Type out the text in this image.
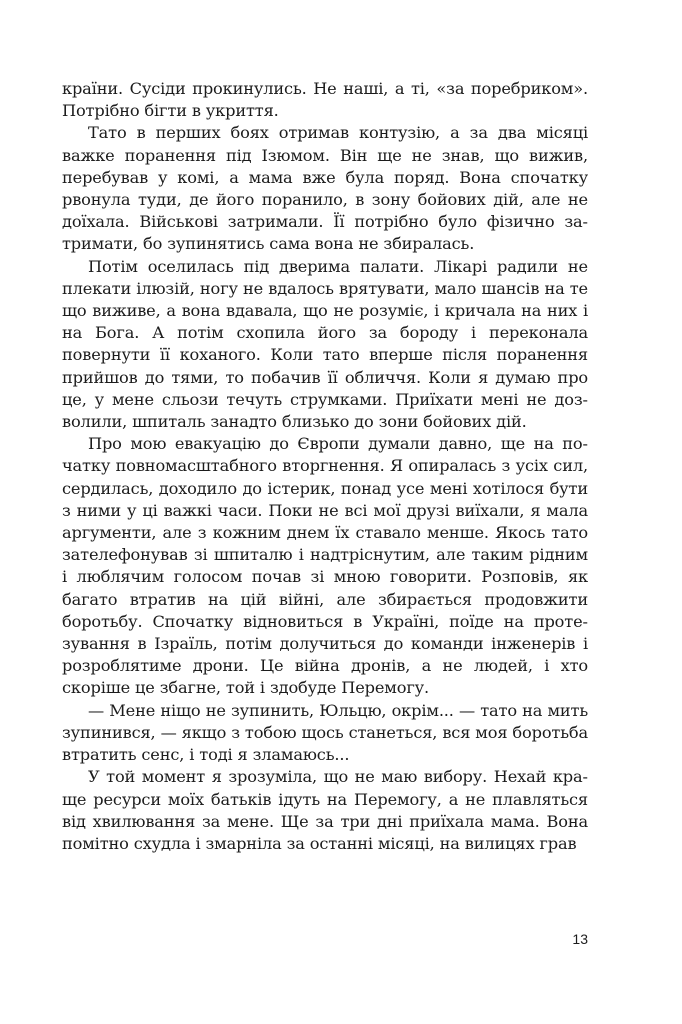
країни. Сусіди прокинулись. Не наші, а ті, «за поребриком». Потрібно бігти в укриття.

Тато в перших боях отримав контузію, а за два місяці важке поранення під Ізюмом. Він ще не знав, що вижив, перебував у комі, а мама вже була поряд. Вона спочатку рвонула туди, де його поранило, в зону бойових дій, але не доїхала. Військові затримали. Її потрібно було фізично затримати, бо зупинятись сама вона не збиралась.

Потім оселилась під дверима палати. Лікарі радили не плекати ілюзій, ногу не вдалось врятувати, мало шансів на те що виживе, а вона вдавала, що не розуміє, і кричала на них і на Бога. А потім схопила його за бороду і переконала повернути її коханого. Коли тато вперше після поранення прийшов до тями, то побачив її обличчя. Коли я думаю про це, у мене сльози течуть струмками. Приїхати мені не дозволили, шпиталь занадто близько до зони бойових дій.

Про мою евакуацію до Європи думали давно, ще на початку повномасштабного вторгнення. Я опиралась з усіх сил, сердилась, доходило до істерик, понад усе мені хотілося бути з ними у ці важкі часи. Поки не всі мої друзі виїхали, я мала аргументи, але з кожним днем їх ставало менше. Якось тато зателефонував зі шпиталю і надтріснутим, але таким рідним і люблячим голосом почав зі мною говорити. Розповів, як багато втратив на цій війні, але збирається продовжити боротьбу. Спочатку відновиться в Україні, поїде на протезування в Ізраїль, потім долучиться до команди інженерів і розроблятиме дрони. Це війна дронів, а не людей, і хто скоріше це збагне, той і здобуде Перемогу.

— Мене ніщо не зупинить, Юльцю, окрім... — тато на мить зупинився, — якщо з тобою щось станеться, вся моя боротьба втратить сенс, і тоді я зламаюсь...

У той момент я зрозуміла, що не маю вибору. Нехай краще ресурси моїх батьків ідуть на Перемогу, а не плавляться від хвилювання за мене. Ще за три дні приїхала мама. Вона помітно схудла і змарніла за останні місяці, на вилицях грав

13
